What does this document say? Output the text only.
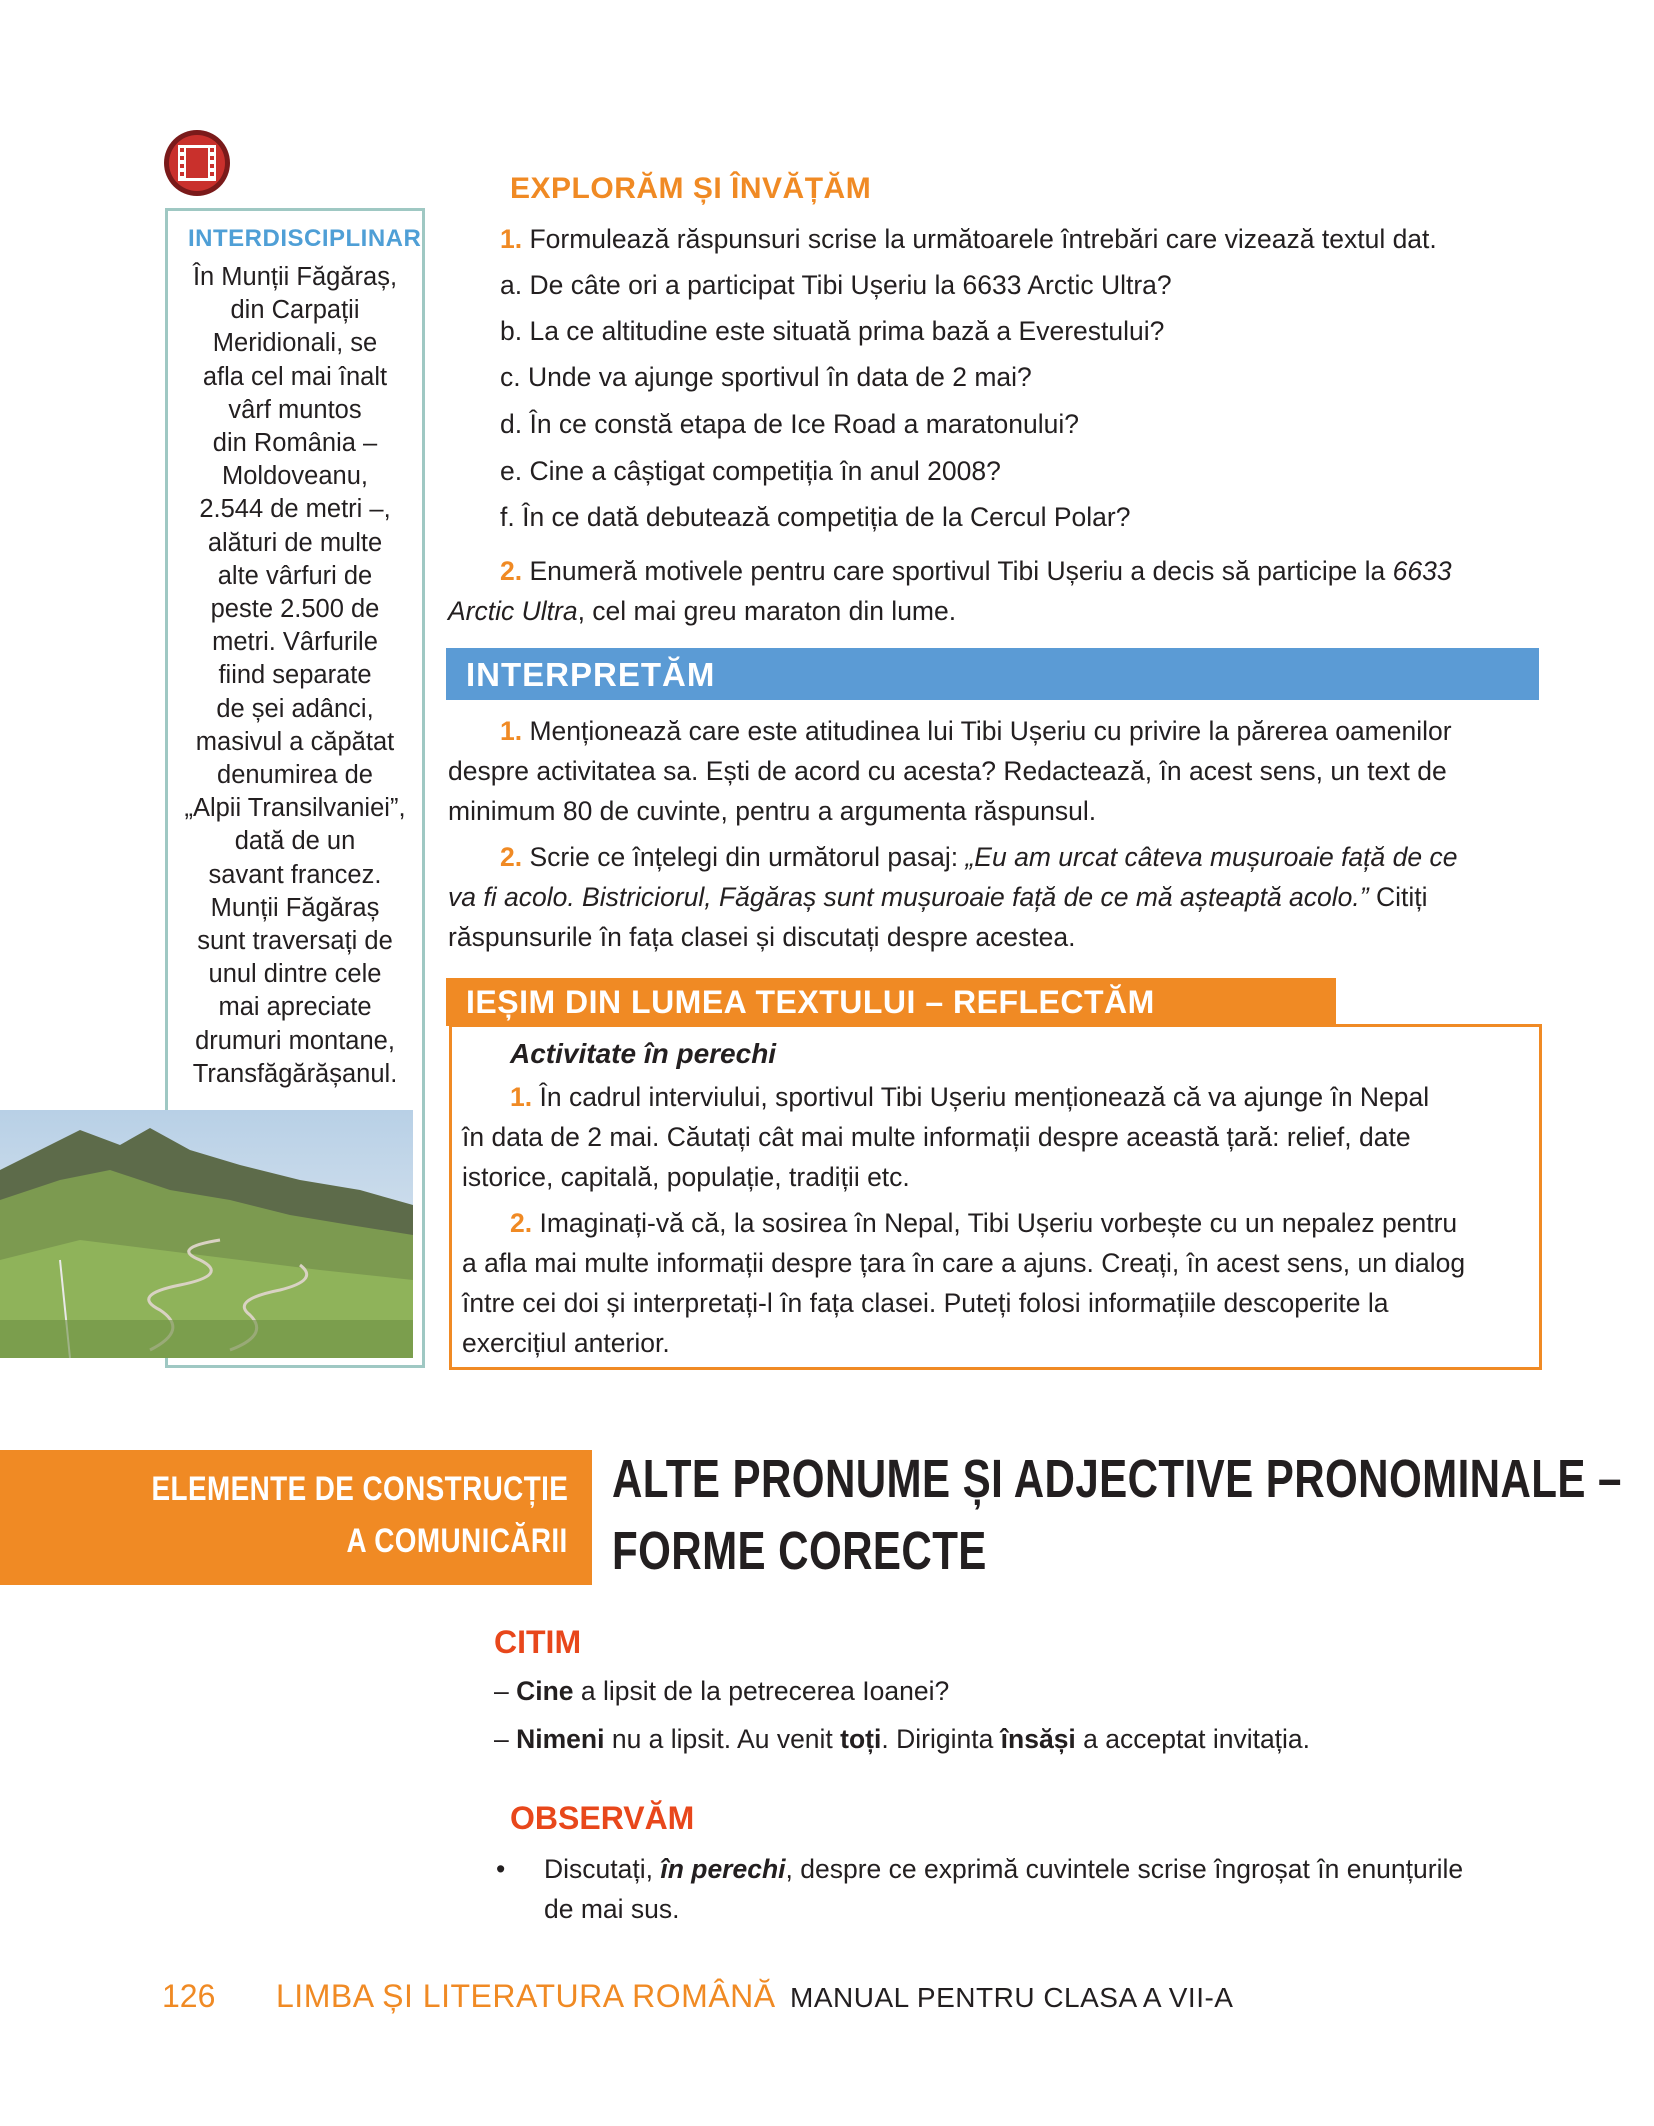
INTERDISCIPLINAR
În Munții Făgăraș,
din Carpații
Meridionali, se
afla cel mai înalt
vârf muntos
din România –
Moldoveanu,
2.544 de metri –,
alături de multe
alte vârfuri de
peste 2.500 de
metri. Vârfurile
fiind separate
de șei adânci,
masivul a căpătat
denumirea de
„Alpii Transilvaniei”,
dată de un
savant francez.
Munții Făgăraș
sunt traversați de
unul dintre cele
mai apreciate
drumuri montane,
Transfăgărășanul.
EXPLORĂM ȘI ÎNVĂȚĂM
1. Formulează răspunsuri scrise la următoarele întrebări care vizează textul dat.
a. De câte ori a participat Tibi Ușeriu la 6633 Arctic Ultra?
b. La ce altitudine este situată prima bază a Everestului?
c. Unde va ajunge sportivul în data de 2 mai?
d. În ce constă etapa de Ice Road a maratonului?
e. Cine a câștigat competiția în anul 2008?
f. În ce dată debutează competiția de la Cercul Polar?
2. Enumeră motivele pentru care sportivul Tibi Ușeriu a decis să participe la 6633
Arctic Ultra, cel mai greu maraton din lume.
INTERPRETĂM
1. Menționează care este atitudinea lui Tibi Ușeriu cu privire la părerea oamenilor
despre activitatea sa. Ești de acord cu acesta? Redactează, în acest sens, un text de
minimum 80 de cuvinte, pentru a argumenta răspunsul.
2. Scrie ce înțelegi din următorul pasaj: „Eu am urcat câteva mușuroaie față de ce
va fi acolo. Bistriciorul, Făgăraș sunt mușuroaie față de ce mă așteaptă acolo.” Citiți
răspunsurile în fața clasei și discutați despre acestea.
IEȘIM DIN LUMEA TEXTULUI – REFLECTĂM
Activitate în perechi
1. În cadrul interviului, sportivul Tibi Ușeriu menționează că va ajunge în Nepal
în data de 2 mai. Căutați cât mai multe informații despre această țară: relief, date
istorice, capitală, populație, tradiții etc.
2. Imaginați-vă că, la sosirea în Nepal, Tibi Ușeriu vorbește cu un nepalez pentru
a afla mai multe informații despre țara în care a ajuns. Creați, în acest sens, un dialog
între cei doi și interpretați-l în fața clasei. Puteți folosi informațiile descoperite la
exercițiul anterior.
ELEMENTE DE CONSTRUCȚIE
A COMUNICĂRII
ALTE PRONUME ȘI ADJECTIVE PRONOMINALE –
FORME CORECTE
CITIM
– Cine a lipsit de la petrecerea Ioanei?
– Nimeni nu a lipsit. Au venit toți. Diriginta însăși a acceptat invitația.
OBSERVĂM
• Discutați, în perechi, despre ce exprimă cuvintele scrise îngroșat în enunțurile
de mai sus.
126 LIMBA ȘI LITERATURA ROMÂNĂ MANUAL PENTRU CLASA A VII-A
